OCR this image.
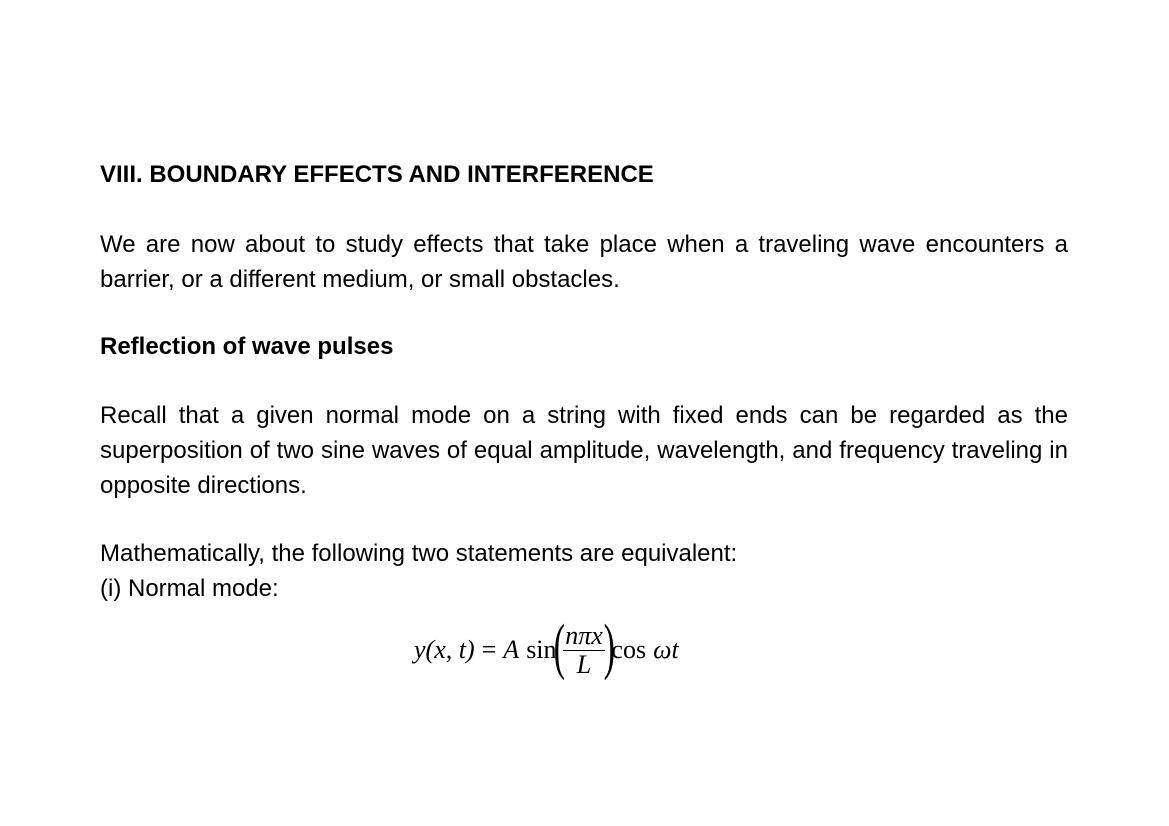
VIII. BOUNDARY EFFECTS AND INTERFERENCE
We are now about to study effects that take place when a traveling wave encounters a barrier, or a different medium, or small obstacles.
Reflection of wave pulses
Recall that a given normal mode on a string with fixed ends can be regarded as the superposition of two sine waves of equal amplitude, wavelength, and frequency traveling in opposite directions.
Mathematically, the following two statements are equivalent:
(i) Normal mode:
y(x, t) = A sin
(
$\frac{\text{nπx}}{L}$
)
cos ωt
